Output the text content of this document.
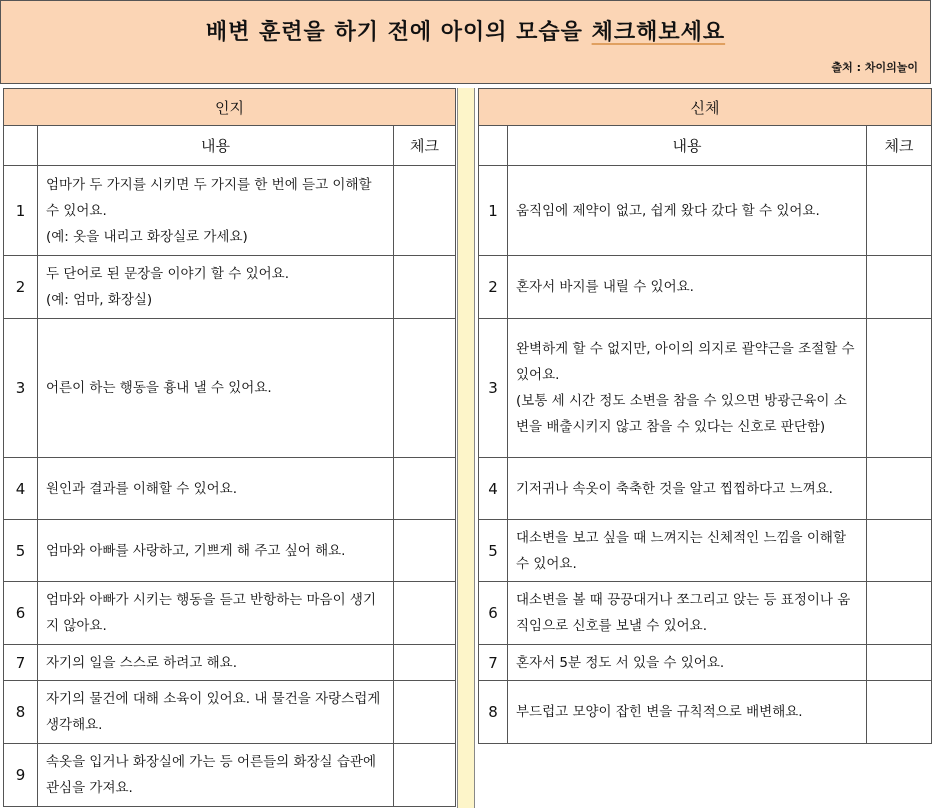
배변 훈련을 하기 전에 아이의 모습을 체크해보세요
출처 : 차이의놀이
인지		
	내용	체크
1	엄마가 두 가지를 시키면 두 가지를 한 번에 듣고 이해할 수 있어요.
(예: 옷을 내리고 화장실로 가세요)	
2	두 단어로 된 문장을 이야기 할 수 있어요.
(예: 엄마, 화장실)	
3	어른이 하는 행동을 흉내 낼 수 있어요.	
4	원인과 결과를 이해할 수 있어요.	
5	엄마와 아빠를 사랑하고, 기쁘게 해 주고 싶어 해요.	
6	엄마와 아빠가 시키는 행동을 듣고 반항하는 마음이 생기지 않아요.	
7	자기의 일을 스스로 하려고 해요.	
8	자기의 물건에 대해 소육이 있어요. 내 물건을 자랑스럽게 생각해요.	
9	속옷을 입거나 화장실에 가는 등 어른들의 화장실 습관에 관심을 가져요.	
신체		
	내용	체크
1	움직임에 제약이 없고, 쉽게 왔다 갔다 할 수 있어요.	
2	혼자서 바지를 내릴 수 있어요.	
3	완벽하게 할 수 없지만, 아이의 의지로 괄약근을 조절할 수 있어요.
(보통 세 시간 정도 소변을 참을 수 있으면 방광근육이 소변을 배출시키지 않고 참을 수 있다는 신호로 판단함)	
4	기저귀나 속옷이 축축한 것을 알고 찝찝하다고 느껴요.	
5	대소변을 보고 싶을 때 느껴지는 신체적인 느낌을 이해할 수 있어요.	
6	대소변을 볼 때 끙끙대거나 쪼그리고 앉는 등 표정이나 움직임으로 신호를 보낼 수 있어요.	
7	혼자서 5분 정도 서 있을 수 있어요.	
8	부드럽고 모양이 잡힌 변을 규칙적으로 배변해요.	
